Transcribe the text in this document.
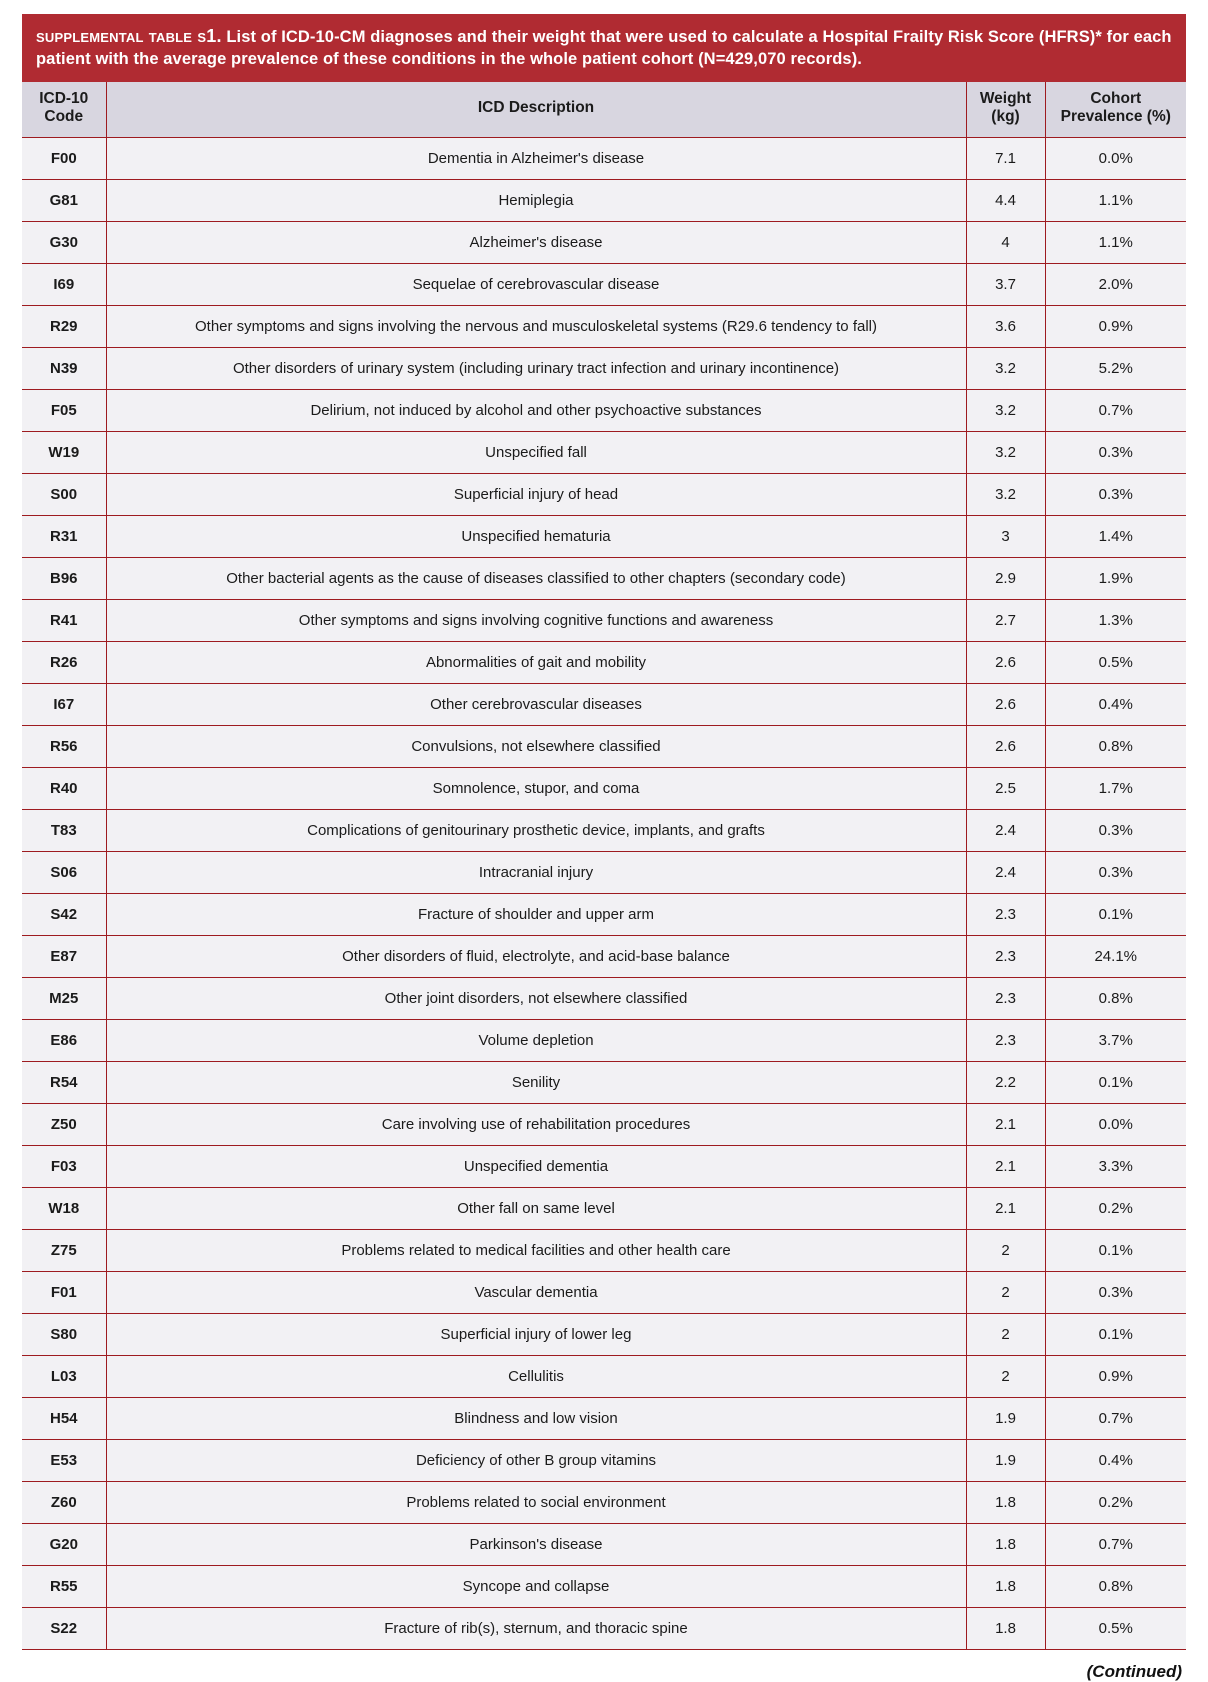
supplemental table s1. List of ICD-10-CM diagnoses and their weight that were used to calculate a Hospital Frailty Risk Score (HFRS)* for each patient with the average prevalence of these conditions in the whole patient cohort (N=429,070 records).
ICD-10 Code	ICD Description	Weight (kg)	Cohort Prevalence (%)
F00	Dementia in Alzheimer's disease	7.1	0.0%
G81	Hemiplegia	4.4	1.1%
G30	Alzheimer's disease	4	1.1%
I69	Sequelae of cerebrovascular disease	3.7	2.0%
R29	Other symptoms and signs involving the nervous and musculoskeletal systems (R29.6 tendency to fall)	3.6	0.9%
N39	Other disorders of urinary system (including urinary tract infection and urinary incontinence)	3.2	5.2%
F05	Delirium, not induced by alcohol and other psychoactive substances	3.2	0.7%
W19	Unspecified fall	3.2	0.3%
S00	Superficial injury of head	3.2	0.3%
R31	Unspecified hematuria	3	1.4%
B96	Other bacterial agents as the cause of diseases classified to other chapters (secondary code)	2.9	1.9%
R41	Other symptoms and signs involving cognitive functions and awareness	2.7	1.3%
R26	Abnormalities of gait and mobility	2.6	0.5%
I67	Other cerebrovascular diseases	2.6	0.4%
R56	Convulsions, not elsewhere classified	2.6	0.8%
R40	Somnolence, stupor, and coma	2.5	1.7%
T83	Complications of genitourinary prosthetic device, implants, and grafts	2.4	0.3%
S06	Intracranial injury	2.4	0.3%
S42	Fracture of shoulder and upper arm	2.3	0.1%
E87	Other disorders of fluid, electrolyte, and acid-base balance	2.3	24.1%
M25	Other joint disorders, not elsewhere classified	2.3	0.8%
E86	Volume depletion	2.3	3.7%
R54	Senility	2.2	0.1%
Z50	Care involving use of rehabilitation procedures	2.1	0.0%
F03	Unspecified dementia	2.1	3.3%
W18	Other fall on same level	2.1	0.2%
Z75	Problems related to medical facilities and other health care	2	0.1%
F01	Vascular dementia	2	0.3%
S80	Superficial injury of lower leg	2	0.1%
L03	Cellulitis	2	0.9%
H54	Blindness and low vision	1.9	0.7%
E53	Deficiency of other B group vitamins	1.9	0.4%
Z60	Problems related to social environment	1.8	0.2%
G20	Parkinson's disease	1.8	0.7%
R55	Syncope and collapse	1.8	0.8%
S22	Fracture of rib(s), sternum, and thoracic spine	1.8	0.5%
(Continued)
